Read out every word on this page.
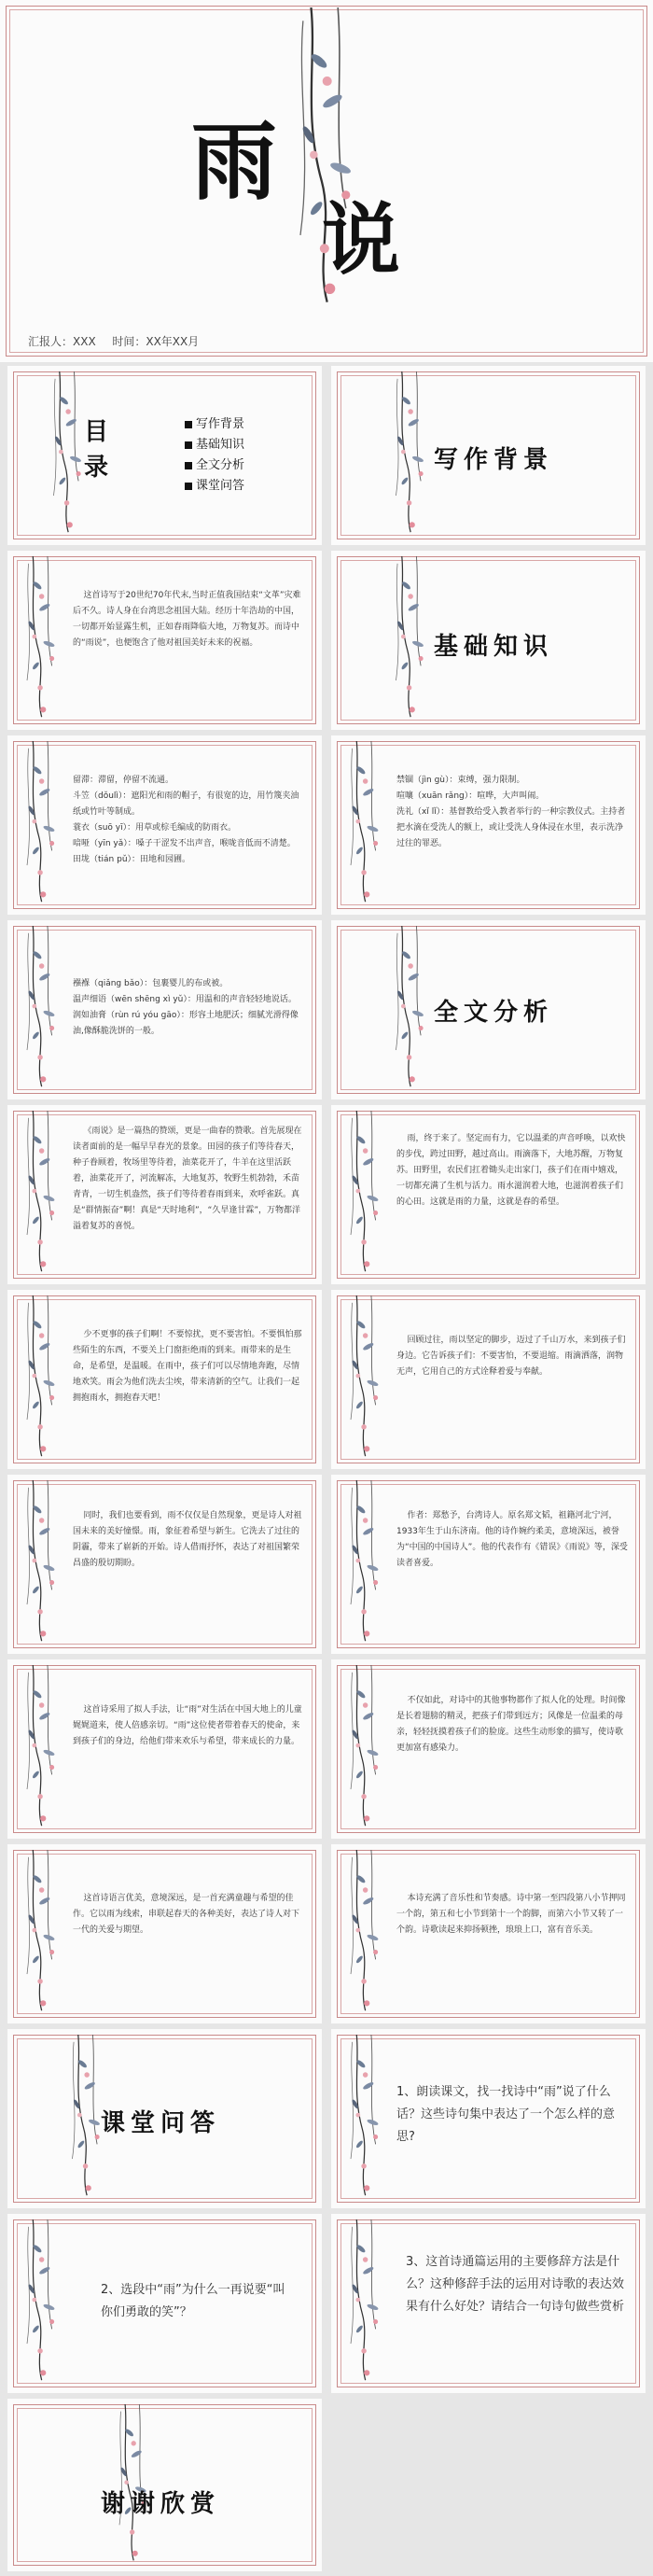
雨
说
汇报人：XXX 时间：XX年XX月
目
录
写作背景
基础知识
全文分析
课堂问答
写作背景
这首诗写于20世纪70年代末,当时正值我国结束“文革”灾难后不久。诗人身在台湾思念祖国大陆。经历十年浩劫的中国，一切都开始显露生机，正如春雨降临大地，万物复苏。而诗中的“雨说”，也便饱含了他对祖国美好未来的祝福。	基础知识
留滞：滞留，停留不流通。
斗笠（dǒulì）：遮阳光和雨的帽子，有很宽的边，用竹篾夹油纸或竹叶等制成。
蓑衣（suō yī）：用草或棕毛编成的防雨衣。
喑哑（yīn yǎ）：嗓子干涩发不出声音，喉咙音低而不清楚。
田垅（tián pǔ）：田地和园圃。
禁锢（jìn gù）：束缚，强力限制。
喧嚷（xuān rǎng）：喧哗，大声叫闹。
洗礼（xǐ lǐ）：基督教给受入教者举行的一种宗教仪式。主持者把水滴在受洗人的额上，或让受洗人身体浸在水里，表示洗净过往的罪恶。
襁褓（qiǎng bǎo）：包裹婴儿的布或被。
温声细语（wēn shēng xì yǔ）：用温和的声音轻轻地说话。
润如油膏（rùn rú yóu gāo）：形容土地肥沃；细腻光滑得像油,像酥脆洗饼的一般。
全文分析
《雨说》是一篇热的赞颂，更是一曲春的赞歌。首先展现在读者面前的是一幅早早春光的景象。田园的孩子们等待春天，种子眷顾着，牧场里等待着，油菜花开了，牛羊在这里活跃着，油菜花开了，河流解冻，大地复苏，牧野生机勃勃，禾苗青青，一切生机盎然，孩子们等待着春雨到来，欢呼雀跃。真是“群情振奋”啊！真是“天时地利”，“久旱逢甘霖”，万物都洋溢着复苏的喜悦。
雨，终于来了。坚定而有力，它以温柔的声音呼唤，以欢快的步伐，跨过田野，越过高山。雨滴落下，大地苏醒，万物复苏。田野里，农民们扛着锄头走出家门，孩子们在雨中嬉戏，一切都充满了生机与活力。雨水滋润着大地，也滋润着孩子们的心田。这就是雨的力量，这就是春的希望。
少不更事的孩子们啊！不要惊扰，更不要害怕。不要惧怕那些陌生的东西，不要关上门窗拒绝雨的到来。雨带来的是生命，是希望，是温暖。在雨中，孩子们可以尽情地奔跑，尽情地欢笑。雨会为他们洗去尘埃，带来清新的空气。让我们一起拥抱雨水，拥抱春天吧！
回顾过往，雨以坚定的脚步，迈过了千山万水，来到孩子们身边。它告诉孩子们：不要害怕，不要退缩。雨滴洒落，润物无声，它用自己的方式诠释着爱与奉献。
同时，我们也要看到，雨不仅仅是自然现象，更是诗人对祖国未来的美好憧憬。雨，象征着希望与新生。它洗去了过往的阴霾，带来了崭新的开始。诗人借雨抒怀，表达了对祖国繁荣昌盛的殷切期盼。
作者：郑愁予，台湾诗人。原名郑文韬，祖籍河北宁河，1933年生于山东济南。他的诗作婉约柔美，意境深远，被誉为“中国的中国诗人”。他的代表作有《错误》《雨说》等，深受读者喜爱。
这首诗采用了拟人手法，让“雨”对生活在中国大地上的儿童娓娓道来，使人倍感亲切。“雨”这位使者带着春天的使命，来到孩子们的身边，给他们带来欢乐与希望，带来成长的力量。
不仅如此，对诗中的其他事物都作了拟人化的处理。时间像是长着翅膀的精灵，把孩子们带到远方；风像是一位温柔的母亲，轻轻抚摸着孩子们的脸庞。这些生动形象的描写，使诗歌更加富有感染力。
这首诗语言优美，意境深远，是一首充满童趣与希望的佳作。它以雨为线索，串联起春天的各种美好，表达了诗人对下一代的关爱与期望。
本诗充满了音乐性和节奏感。诗中第一至四段第八小节押同一个韵，第五和七小节到第十一个韵脚，而第六小节又转了一个韵。诗歌读起来抑扬顿挫，琅琅上口，富有音乐美。
课堂问答
1、朗读课文，找一找诗中“雨”说了什么话？这些诗句集中表达了一个怎么样的意思?
2、选段中“雨”为什么一再说要“叫你们勇敢的笑”？
3、这首诗通篇运用的主要修辞方法是什么？这种修辞手法的运用对诗歌的表达效果有什么好处？请结合一句诗句做些赏析
谢谢欣赏
